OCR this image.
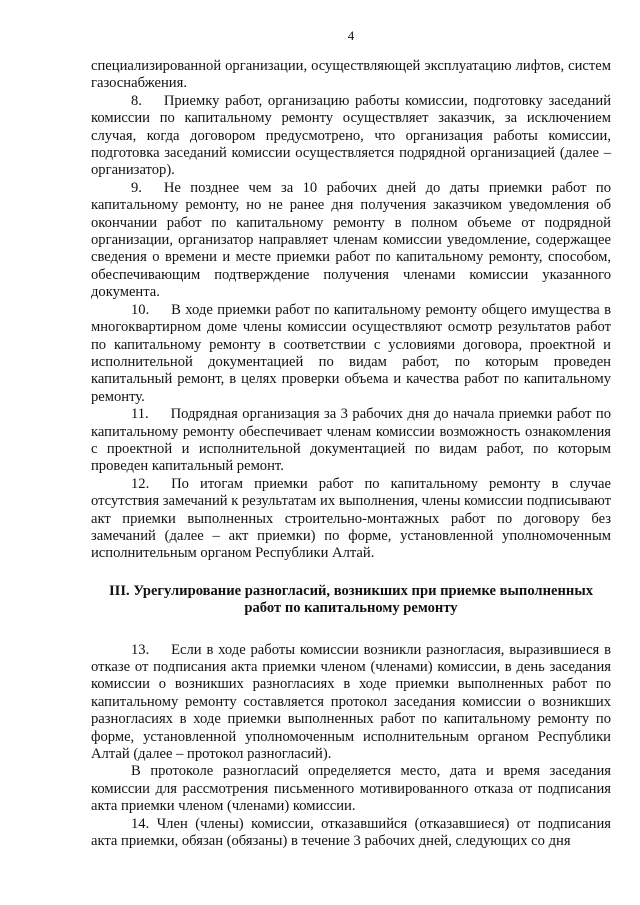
4

специализированной организации, осуществляющей эксплуатацию лифтов, систем газоснабжения.

8.  Приемку работ, организацию работы комиссии, подготовку заседаний комиссии по капитальному ремонту осуществляет заказчик, за исключением случая, когда договором предусмотрено, что организация работы комиссии, подготовка заседаний комиссии осуществляется подрядной организацией (далее – организатор).

9.  Не позднее чем за 10 рабочих дней до даты приемки работ по капитальному ремонту, но не ранее дня получения заказчиком уведомления об окончании работ по капитальному ремонту в полном объеме от подрядной организации, организатор направляет членам комиссии уведомление, содержащее сведения о времени и месте приемки работ по капитальному ремонту, способом, обеспечивающим подтверждение получения членами комиссии указанного документа.

10.  В ходе приемки работ по капитальному ремонту общего имущества в многоквартирном доме члены комиссии осуществляют осмотр результатов работ по капитальному ремонту в соответствии с условиями договора, проектной и исполнительной документацией по видам работ, по которым проведен капитальный ремонт, в целях проверки объема и качества работ по капитальному ремонту.

11.  Подрядная организация за 3 рабочих дня до начала приемки работ по капитальному ремонту обеспечивает членам комиссии возможность ознакомления с проектной и исполнительной документацией по видам работ, по которым проведен капитальный ремонт.

12.  По итогам приемки работ по капитальному ремонту в случае отсутствия замечаний к результатам их выполнения, члены комиссии подписывают акт приемки выполненных строительно-монтажных работ по договору без замечаний (далее – акт приемки) по форме, установленной уполномоченным исполнительным органом Республики Алтай.

III. Урегулирование разногласий, возникших при приемке выполненных работ по капитальному ремонту

13.  Если в ходе работы комиссии возникли разногласия, выразившиеся в отказе от подписания акта приемки членом (членами) комиссии, в день заседания комиссии о возникших разногласиях в ходе приемки выполненных работ по капитальному ремонту составляется протокол заседания комиссии о возникших разногласиях в ходе приемки выполненных работ по капитальному ремонту по форме, установленной уполномоченным исполнительным органом Республики Алтай (далее – протокол разногласий).

В протоколе разногласий определяется место, дата и время заседания комиссии для рассмотрения письменного мотивированного отказа от подписания акта приемки членом (членами) комиссии.

14. Член (члены) комиссии, отказавшийся (отказавшиеся) от подписания акта приемки, обязан (обязаны) в течение 3 рабочих дней, следующих со дня
